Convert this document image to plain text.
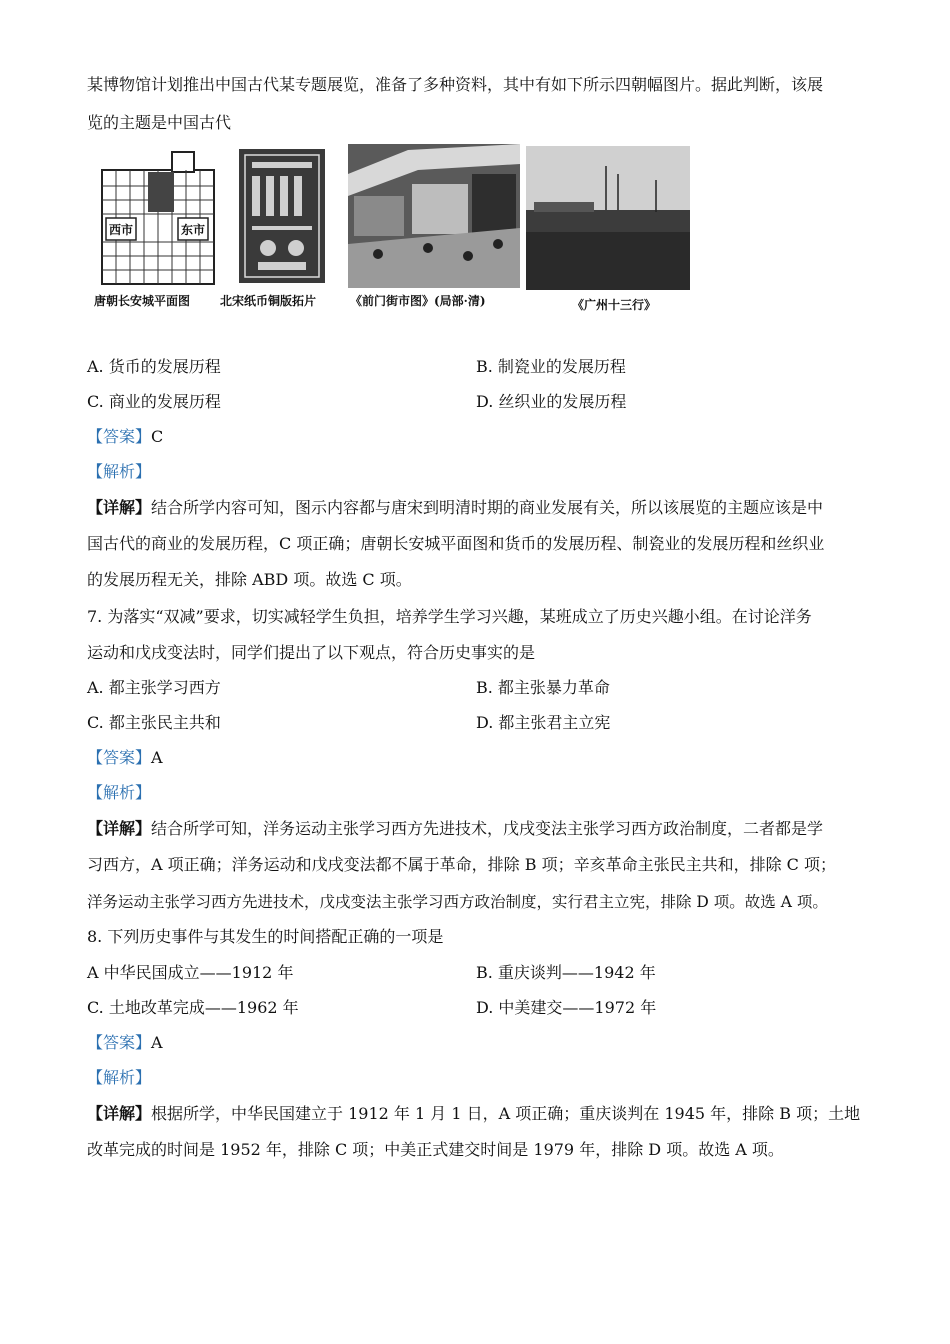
某博物馆计划推出中国古代某专题展览，准备了多种资料，其中有如下所示四朝幅图片。据此判断，该展
览的主题是中国古代
西市	东市
唐朝长安城平面图 北宋纸币铜版拓片	《前门街市图》(局部·清)	《广州十三行》
A. 货币的发展历程	B. 制瓷业的发展历程
C. 商业的发展历程	D. 丝织业的发展历程
【答案】C
【解析】
【详解】结合所学内容可知，图示内容都与唐宋到明清时期的商业发展有关，所以该展览的主题应该是中
国古代的商业的发展历程，C 项正确；唐朝长安城平面图和货币的发展历程、制瓷业的发展历程和丝织业
的发展历程无关，排除 ABD 项。故选 C 项。
7. 为落实“双减”要求，切实减轻学生负担，培养学生学习兴趣，某班成立了历史兴趣小组。在讨论洋务
运动和戊戌变法时，同学们提出了以下观点，符合历史事实的是
A. 都主张学习西方	B. 都主张暴力革命
C. 都主张民主共和	D. 都主张君主立宪
【答案】A
【解析】
【详解】结合所学可知，洋务运动主张学习西方先进技术，戊戌变法主张学习西方政治制度，二者都是学
习西方，A 项正确；洋务运动和戊戌变法都不属于革命，排除 B 项；辛亥革命主张民主共和，排除 C 项；
洋务运动主张学习西方先进技术，戊戌变法主张学习西方政治制度，实行君主立宪，排除 D 项。故选 A 项。
8. 下列历史事件与其发生的时间搭配正确的一项是
A 中华民国成立——1912 年	B. 重庆谈判——1942 年
C. 土地改革完成——1962 年	D. 中美建交——1972 年
【答案】A
【解析】
【详解】根据所学，中华民国建立于 1912 年 1 月 1 日，A 项正确；重庆谈判在 1945 年，排除 B 项；土地
改革完成的时间是 1952 年，排除 C 项；中美正式建交时间是 1979 年，排除 D 项。故选 A 项。
